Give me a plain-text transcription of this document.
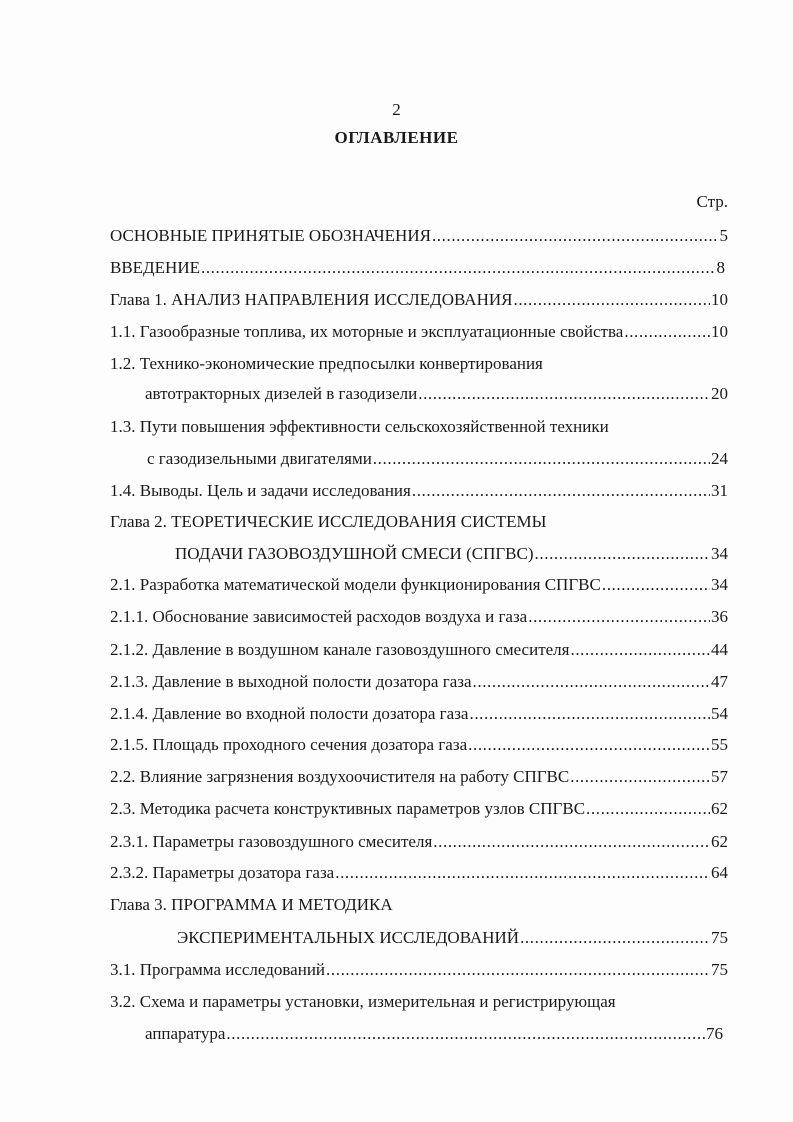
2
ОГЛАВЛЕНИЕ
Стр.
ОСНОВНЫЕ ПРИНЯТЫЕ ОБОЗНАЧЕНИЯ .....	5
ВВЕДЕНИЕ .....	8
Глава 1. АНАЛИЗ НАПРАВЛЕНИЯ ИССЛЕДОВАНИЯ .....	10
1.1. Газообразные топлива, их моторные и эксплуатационные свойства .....	10
1.2. Технико-экономические предпосылки конвертирования
автотракторных дизелей в газодизели .....	20
1.3. Пути повышения эффективности сельскохозяйственной техники
с газодизельными двигателями .....	24
1.4. Выводы. Цель и задачи исследования .....	31
Глава 2. ТЕОРЕТИЧЕСКИЕ ИССЛЕДОВАНИЯ СИСТЕМЫ
ПОДАЧИ ГАЗОВОЗДУШНОЙ СМЕСИ (СПГВС) .....	34
2.1. Разработка математической модели функционирования СПГВС .....	34
2.1.1. Обоснование зависимостей расходов воздуха и газа .....	36
2.1.2. Давление в воздушном канале газовоздушного смесителя .....	44
2.1.3. Давление в выходной полости дозатора газа .....	47
2.1.4. Давление во входной полости дозатора газа .....	54
2.1.5. Площадь проходного сечения дозатора газа .....	55
2.2. Влияние загрязнения воздухоочистителя на работу СПГВС .....	57
2.3. Методика расчета конструктивных параметров узлов СПГВС .....	62
2.3.1. Параметры газовоздушного смесителя .....	62
2.3.2. Параметры дозатора газа .....	64
Глава 3. ПРОГРАММА И МЕТОДИКА
ЭКСПЕРИМЕНТАЛЬНЫХ ИССЛЕДОВАНИЙ .....	75
3.1. Программа исследований .....	75
3.2. Схема и параметры установки, измерительная и регистрирующая
аппаратура .....	76
